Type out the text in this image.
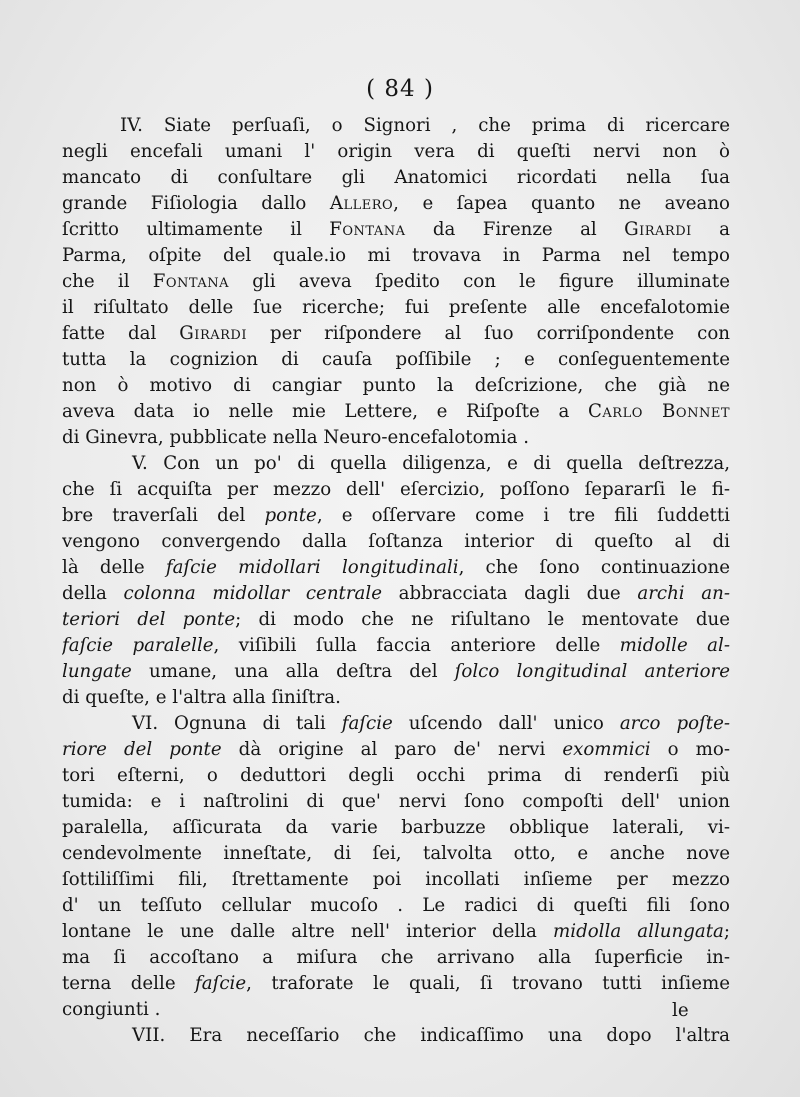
( 84 )
IV. Siate perſuaſi, o Signori , che prima di ricercare
negli encefali umani l' origin vera di queſti nervi non ò
mancato di conſultare gli Anatomici ricordati nella ſua
grande Fiſiologia dallo Allero, e ſapea quanto ne aveano
ſcritto ultimamente il Fontana da Firenze al Girardi a
Parma, oſpite del quale.io mi trovava in Parma nel tempo
che il Fontana gli aveva ſpedito con le figure illuminate
il riſultato delle ſue ricerche; fui preſente alle encefalotomie
fatte dal Girardi per riſpondere al ſuo corriſpondente con
tutta la cognizion di cauſa poſſibile ; e conſeguentemente
non ò motivo di cangiar punto la deſcrizione, che già ne
aveva data io nelle mie Lettere, e Riſpoſte a Carlo Bonnet
di Ginevra, pubblicate nella Neuro-encefalotomia .
V. Con un po' di quella diligenza, e di quella deſtrezza,
che ſi acquiſta per mezzo dell' eſercizio, poſſono ſepararſi le fi-
bre traverſali del ponte, e oſſervare come i tre fili ſuddetti
vengono convergendo dalla ſoſtanza interior di queſto al di
là delle faſcie midollari longitudinali, che ſono continuazione
della colonna midollar centrale abbracciata dagli due archi an-
teriori del ponte; di modo che ne riſultano le mentovate due
faſcie paralelle, viſibili ſulla faccia anteriore delle midolle al-
lungate umane, una alla deſtra del ſolco longitudinal anteriore
di queſte, e l'altra alla ſiniſtra.
VI. Ognuna di tali faſcie uſcendo dall' unico arco poſte-
riore del ponte dà origine al paro de' nervi exommici o mo-
tori eſterni, o deduttori degli occhi prima di renderſi più
tumida: e i naſtrolini di que' nervi ſono compoſti dell' union
paralella, aſſicurata da varie barbuzze obblique laterali, vi-
cendevolmente inneſtate, di ſei, talvolta otto, e anche nove
ſottiliſſimi fili, ſtrettamente poi incollati inſieme per mezzo
d' un teſſuto cellular mucoſo . Le radici di queſti fili ſono
lontane le une dalle altre nell' interior della midolla allungata;
ma ſi accoſtano a miſura che arrivano alla ſuperficie in-
terna delle faſcie, traforate le quali, ſi trovano tutti inſieme
congiunti .
VII. Era neceſſario che indicaſſimo una dopo l'altra
le
